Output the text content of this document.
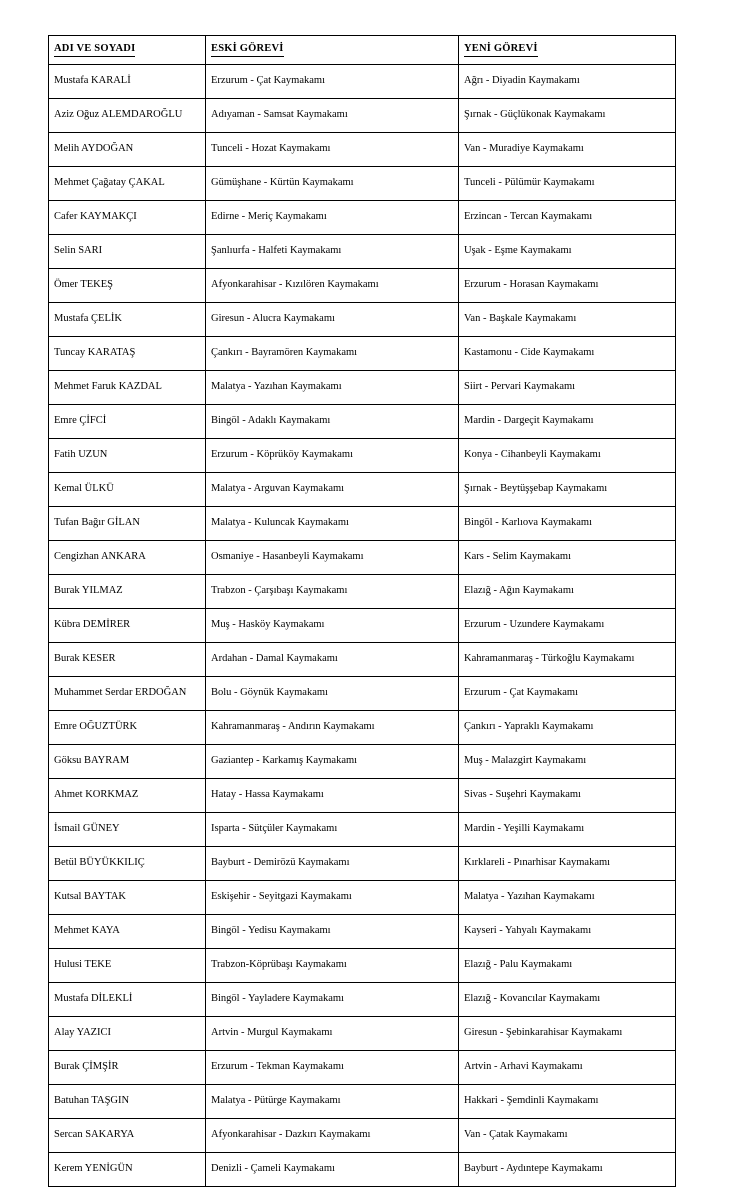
ADI VE SOYADI	ESKİ GÖREVİ	YENİ GÖREVİ
Mustafa KARALİ	Erzurum - Çat Kaymakamı	Ağrı - Diyadin Kaymakamı
Aziz Oğuz ALEMDAROĞLU	Adıyaman - Samsat Kaymakamı	Şırnak - Güçlükonak Kaymakamı
Melih AYDOĞAN	Tunceli - Hozat Kaymakamı	Van - Muradiye Kaymakamı
Mehmet Çağatay ÇAKAL	Gümüşhane - Kürtün Kaymakamı	Tunceli - Pülümür Kaymakamı
Cafer KAYMAKÇI	Edirne - Meriç Kaymakamı	Erzincan - Tercan Kaymakamı
Selin SARI	Şanlıurfa - Halfeti Kaymakamı	Uşak - Eşme Kaymakamı
Ömer TEKEŞ	Afyonkarahisar - Kızılören Kaymakamı	Erzurum - Horasan Kaymakamı
Mustafa ÇELİK	Giresun - Alucra Kaymakamı	Van - Başkale Kaymakamı
Tuncay KARATAŞ	Çankırı - Bayramören Kaymakamı	Kastamonu - Cide Kaymakamı
Mehmet Faruk KAZDAL	Malatya - Yazıhan Kaymakamı	Siirt - Pervari Kaymakamı
Emre ÇİFCİ	Bingöl - Adaklı Kaymakamı	Mardin - Dargeçit Kaymakamı
Fatih UZUN	Erzurum - Köprüköy Kaymakamı	Konya - Cihanbeyli Kaymakamı
Kemal ÜLKÜ	Malatya - Arguvan Kaymakamı	Şırnak - Beytüşşebap Kaymakamı
Tufan Bağır GİLAN	Malatya - Kuluncak Kaymakamı	Bingöl - Karlıova Kaymakamı
Cengizhan ANKARA	Osmaniye - Hasanbeyli Kaymakamı	Kars - Selim Kaymakamı
Burak YILMAZ	Trabzon - Çarşıbaşı Kaymakamı	Elazığ - Ağın Kaymakamı
Kübra DEMİRER	Muş - Hasköy Kaymakamı	Erzurum - Uzundere Kaymakamı
Burak KESER	Ardahan - Damal Kaymakamı	Kahramanmaraş - Türkoğlu Kaymakamı
Muhammet Serdar ERDOĞAN	Bolu - Göynük Kaymakamı	Erzurum - Çat Kaymakamı
Emre OĞUZTÜRK	Kahramanmaraş - Andırın Kaymakamı	Çankırı - Yapraklı Kaymakamı
Göksu BAYRAM	Gaziantep - Karkamış Kaymakamı	Muş - Malazgirt Kaymakamı
Ahmet KORKMAZ	Hatay - Hassa Kaymakamı	Sivas - Suşehri Kaymakamı
İsmail GÜNEY	Isparta - Sütçüler Kaymakamı	Mardin - Yeşilli Kaymakamı
Betül BÜYÜKKILIÇ	Bayburt - Demirözü Kaymakamı	Kırklareli - Pınarhisar Kaymakamı
Kutsal BAYTAK	Eskişehir - Seyitgazi Kaymakamı	Malatya - Yazıhan Kaymakamı
Mehmet KAYA	Bingöl - Yedisu Kaymakamı	Kayseri - Yahyalı Kaymakamı
Hulusi TEKE	Trabzon-Köprübaşı Kaymakamı	Elazığ - Palu Kaymakamı
Mustafa DİLEKLİ	Bingöl - Yayladere Kaymakamı	Elazığ - Kovancılar Kaymakamı
Alay YAZICI	Artvin - Murgul Kaymakamı	Giresun - Şebinkarahisar Kaymakamı
Burak ÇİMŞİR	Erzurum - Tekman Kaymakamı	Artvin - Arhavi Kaymakamı
Batuhan TAŞGIN	Malatya - Pütürge Kaymakamı	Hakkari - Şemdinli Kaymakamı
Sercan SAKARYA	Afyonkarahisar - Dazkırı Kaymakamı	Van - Çatak Kaymakamı
Kerem YENİGÜN	Denizli - Çameli Kaymakamı	Bayburt - Aydıntepe Kaymakamı
